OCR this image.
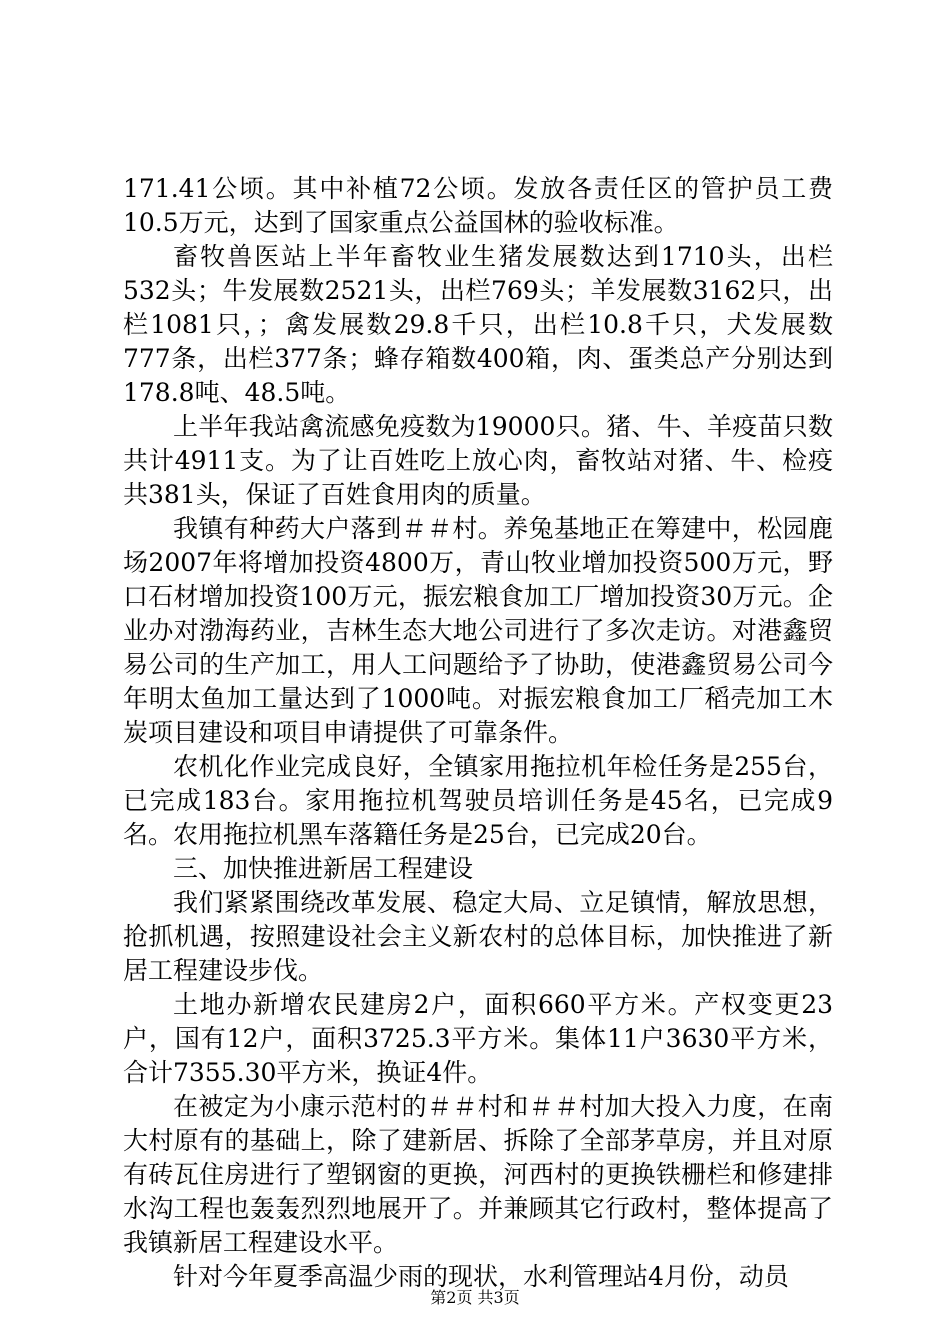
171.41公顷。其中补植72公顷。发放各责任区的管护员工费10.5万元，达到了国家重点公益国林的验收标准。

畜牧兽医站上半年畜牧业生猪发展数达到1710头，出栏532头；牛发展数2521头，出栏769头；羊发展数3162只，出栏1081只，；禽发展数29.8千只，出栏10.8千只，犬发展数777条，出栏377条；蜂存箱数400箱，肉、蛋类总产分别达到178.8吨、48.5吨。

上半年我站禽流感免疫数为19000只。猪、牛、羊疫苗只数共计4911支。为了让百姓吃上放心肉，畜牧站对猪、牛、检疫共381头，保证了百姓食用肉的质量。

我镇有种药大户落到＃＃村。养兔基地正在筹建中，松园鹿场2007年将增加投资4800万，青山牧业增加投资500万元，野口石材增加投资100万元，振宏粮食加工厂增加投资30万元。企业办对渤海药业，吉林生态大地公司进行了多次走访。对港鑫贸易公司的生产加工，用人工问题给予了协助，使港鑫贸易公司今年明太鱼加工量达到了1000吨。对振宏粮食加工厂稻壳加工木炭项目建设和项目申请提供了可靠条件。

农机化作业完成良好，全镇家用拖拉机年检任务是255台，已完成183台。家用拖拉机驾驶员培训任务是45名，已完成9名。农用拖拉机黑车落籍任务是25台，已完成20台。

三、加快推进新居工程建设

我们紧紧围绕改革发展、稳定大局、立足镇情，解放思想，抢抓机遇，按照建设社会主义新农村的总体目标，加快推进了新居工程建设步伐。

土地办新增农民建房2户，面积660平方米。产权变更23户，国有12户，面积3725.3平方米。集体11户3630平方米，合计7355.30平方米，换证4件。

在被定为小康示范村的＃＃村和＃＃村加大投入力度，在南大村原有的基础上，除了建新居、拆除了全部茅草房，并且对原有砖瓦住房进行了塑钢窗的更换，河西村的更换铁栅栏和修建排水沟工程也轰轰烈烈地展开了。并兼顾其它行政村，整体提高了我镇新居工程建设水平。

针对今年夏季高温少雨的现状，水利管理站4月份，动员

第2页 共3页
